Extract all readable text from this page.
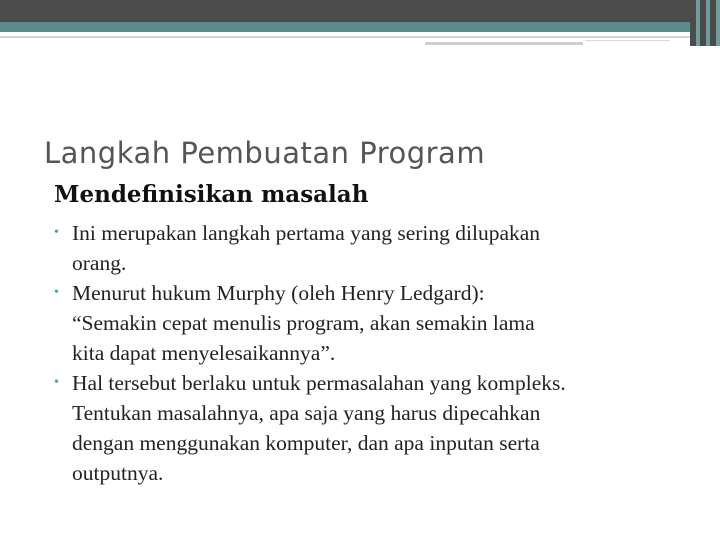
Langkah Pembuatan Program
Mendefinisikan masalah
• Ini merupakan langkah pertama yang sering dilupakan
orang.
• Menurut hukum Murphy (oleh Henry Ledgard):
“Semakin cepat menulis program, akan semakin lama
kita dapat menyelesaikannya”.
• Hal tersebut berlaku untuk permasalahan yang kompleks.
Tentukan masalahnya, apa saja yang harus dipecahkan
dengan menggunakan komputer, dan apa inputan serta
outputnya.
